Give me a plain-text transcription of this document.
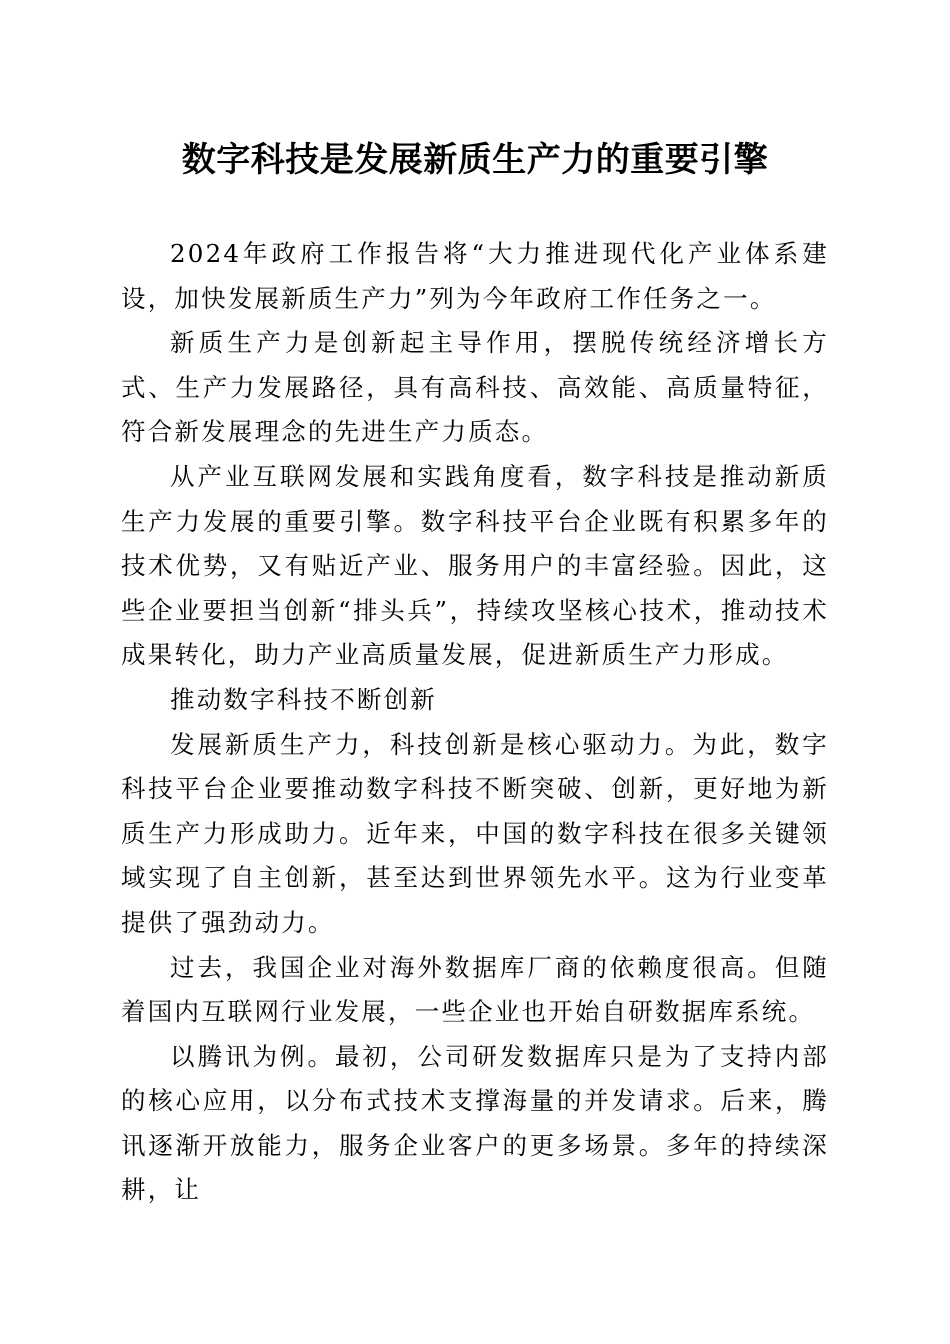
数字科技是发展新质生产力的重要引擎

2024年政府工作报告将“大力推进现代化产业体系建设，加快发展新质生产力”列为今年政府工作任务之一。

新质生产力是创新起主导作用，摆脱传统经济增长方式、生产力发展路径，具有高科技、高效能、高质量特征，符合新发展理念的先进生产力质态。

从产业互联网发展和实践角度看，数字科技是推动新质生产力发展的重要引擎。数字科技平台企业既有积累多年的技术优势，又有贴近产业、服务用户的丰富经验。因此，这些企业要担当创新“排头兵”，持续攻坚核心技术，推动技术成果转化，助力产业高质量发展，促进新质生产力形成。

推动数字科技不断创新

发展新质生产力，科技创新是核心驱动力。为此，数字科技平台企业要推动数字科技不断突破、创新，更好地为新质生产力形成助力。近年来，中国的数字科技在很多关键领域实现了自主创新，甚至达到世界领先水平。这为行业变革提供了强劲动力。

过去，我国企业对海外数据库厂商的依赖度很高。但随着国内互联网行业发展，一些企业也开始自研数据库系统。

以腾讯为例。最初，公司研发数据库只是为了支持内部的核心应用，以分布式技术支撑海量的并发请求。后来，腾讯逐渐开放能力，服务企业客户的更多场景。多年的持续深耕，让
